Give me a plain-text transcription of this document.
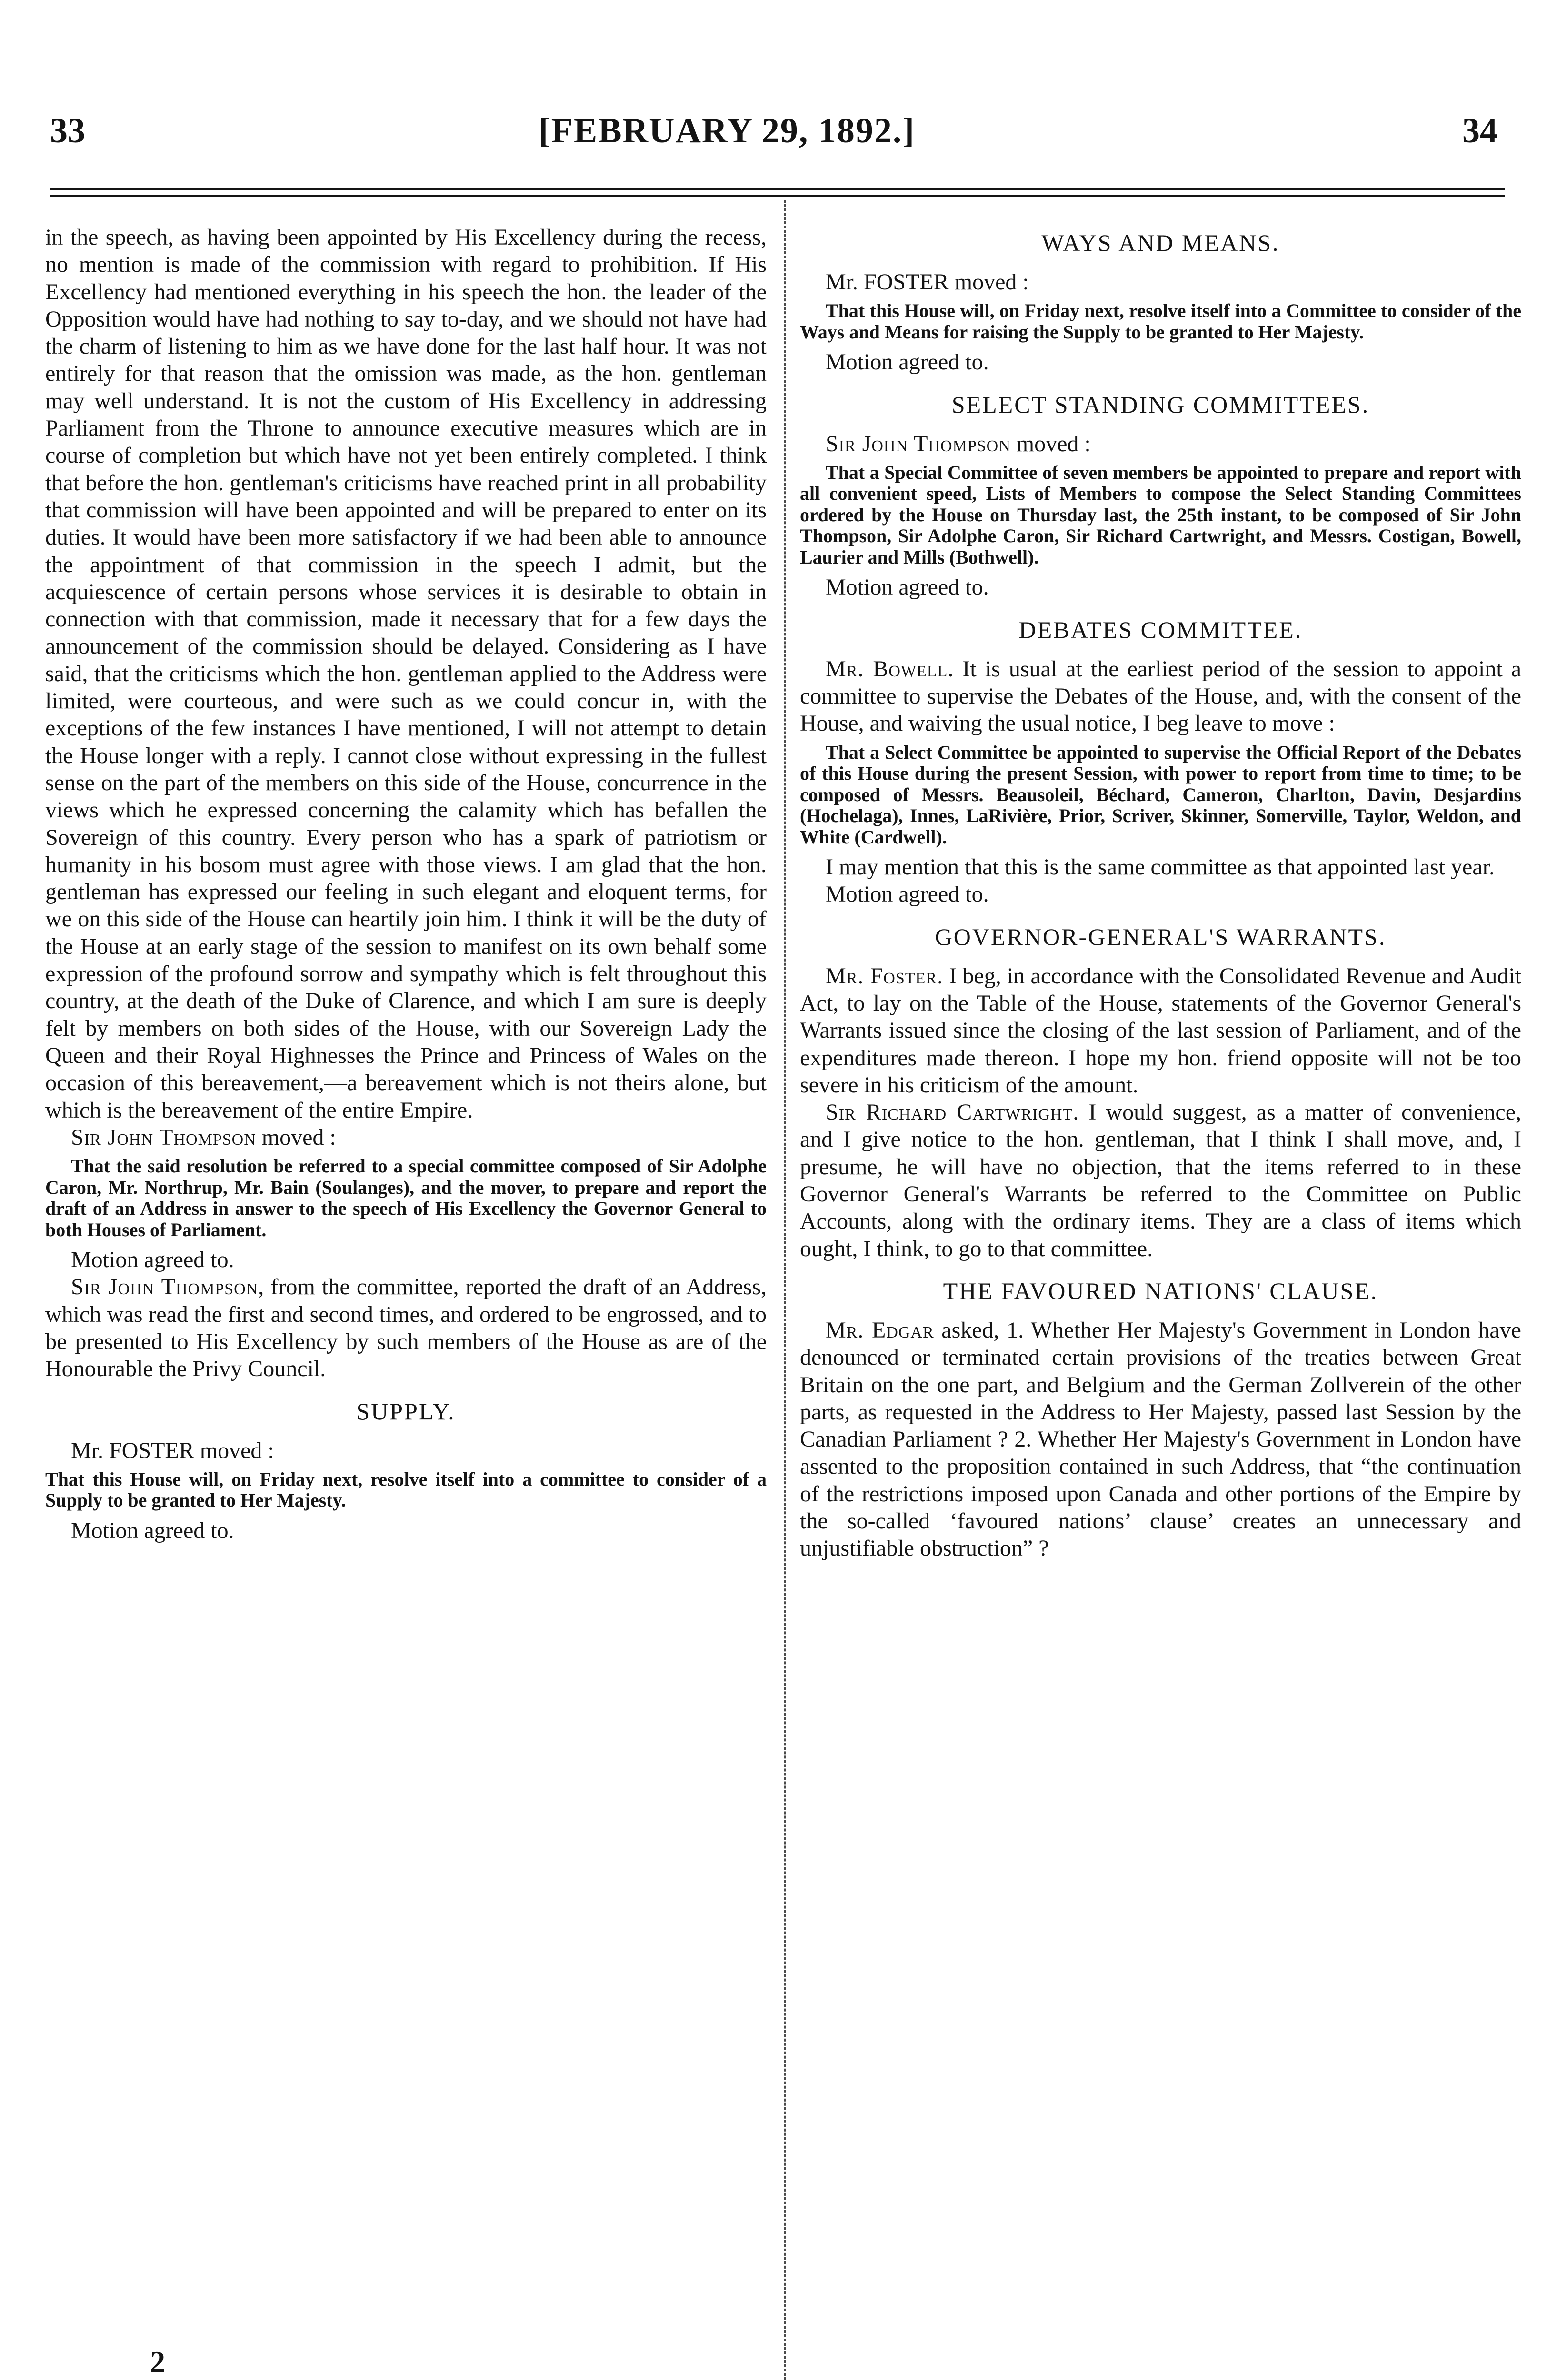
33	[FEBRUARY 29, 1892.]	34

in the speech, as having been appointed by His Excellency during the recess, no mention is made of the commission with regard to prohibition. If His Excellency had mentioned everything in his speech the hon. the leader of the Opposition would have had nothing to say to-day, and we should not have had the charm of listening to him as we have done for the last half hour. It was not entirely for that reason that the omission was made, as the hon. gentleman may well understand. It is not the custom of His Excellency in addressing Parliament from the Throne to announce executive measures which are in course of completion but which have not yet been entirely completed. I think that before the hon. gentleman's criticisms have reached print in all probability that commission will have been appointed and will be prepared to enter on its duties. It would have been more satisfactory if we had been able to announce the appointment of that commission in the speech I admit, but the acquiescence of certain persons whose services it is desirable to obtain in connection with that commission, made it necessary that for a few days the announcement of the commission should be delayed. Considering as I have said, that the criticisms which the hon. gentleman applied to the Address were limited, were courteous, and were such as we could concur in, with the exceptions of the few instances I have mentioned, I will not attempt to detain the House longer with a reply. I cannot close without expressing in the fullest sense on the part of the members on this side of the House, concurrence in the views which he expressed concerning the calamity which has befallen the Sovereign of this country. Every person who has a spark of patriotism or humanity in his bosom must agree with those views. I am glad that the hon. gentleman has expressed our feeling in such elegant and eloquent terms, for we on this side of the House can heartily join him. I think it will be the duty of the House at an early stage of the session to manifest on its own behalf some expression of the profound sorrow and sympathy which is felt throughout this country, at the death of the Duke of Clarence, and which I am sure is deeply felt by members on both sides of the House, with our Sovereign Lady the Queen and their Royal Highnesses the Prince and Princess of Wales on the occasion of this bereavement,—a bereavement which is not theirs alone, but which is the bereavement of the entire Empire.

Sir John Thompson moved :

That the said resolution be referred to a special committee composed of Sir Adolphe Caron, Mr. Northrup, Mr. Bain (Soulanges), and the mover, to prepare and report the draft of an Address in answer to the speech of His Excellency the Governor General to both Houses of Parliament.

Motion agreed to.

Sir John Thompson, from the committee, reported the draft of an Address, which was read the first and second times, and ordered to be engrossed, and to be presented to His Excellency by such members of the House as are of the Honourable the Privy Council.

SUPPLY.

Mr. FOSTER moved :

That this House will, on Friday next, resolve itself into a committee to consider of a Supply to be granted to Her Majesty.

Motion agreed to.

WAYS AND MEANS.

Mr. FOSTER moved :

That this House will, on Friday next, resolve itself into a Committee to consider of the Ways and Means for raising the Supply to be granted to Her Majesty.

Motion agreed to.

SELECT STANDING COMMITTEES.

Sir John Thompson moved :

That a Special Committee of seven members be appointed to prepare and report with all convenient speed, Lists of Members to compose the Select Standing Committees ordered by the House on Thursday last, the 25th instant, to be composed of Sir John Thompson, Sir Adolphe Caron, Sir Richard Cartwright, and Messrs. Costigan, Bowell, Laurier and Mills (Bothwell).

Motion agreed to.

DEBATES COMMITTEE.

Mr. Bowell. It is usual at the earliest period of the session to appoint a committee to supervise the Debates of the House, and, with the consent of the House, and waiving the usual notice, I beg leave to move :

That a Select Committee be appointed to supervise the Official Report of the Debates of this House during the present Session, with power to report from time to time; to be composed of Messrs. Beausoleil, Béchard, Cameron, Charlton, Davin, Desjardins (Hochelaga), Innes, LaRivière, Prior, Scriver, Skinner, Somerville, Taylor, Weldon, and White (Cardwell).

I may mention that this is the same committee as that appointed last year.

Motion agreed to.

GOVERNOR-GENERAL'S WARRANTS.

Mr. Foster. I beg, in accordance with the Consolidated Revenue and Audit Act, to lay on the Table of the House, statements of the Governor General's Warrants issued since the closing of the last session of Parliament, and of the expenditures made thereon. I hope my hon. friend opposite will not be too severe in his criticism of the amount.

Sir Richard Cartwright. I would suggest, as a matter of convenience, and I give notice to the hon. gentleman, that I think I shall move, and, I presume, he will have no objection, that the items referred to in these Governor General's Warrants be referred to the Committee on Public Accounts, along with the ordinary items. They are a class of items which ought, I think, to go to that committee.

THE FAVOURED NATIONS' CLAUSE.

Mr. Edgar asked, 1. Whether Her Majesty's Government in London have denounced or terminated certain provisions of the treaties between Great Britain on the one part, and Belgium and the German Zollverein of the other parts, as requested in the Address to Her Majesty, passed last Session by the Canadian Parliament ? 2. Whether Her Majesty's Government in London have assented to the proposition contained in such Address, that “the continuation of the restrictions imposed upon Canada and other portions of the Empire by the so-called ‘favoured nations’ clause’ creates an unnecessary and unjustifiable obstruction” ?

2
